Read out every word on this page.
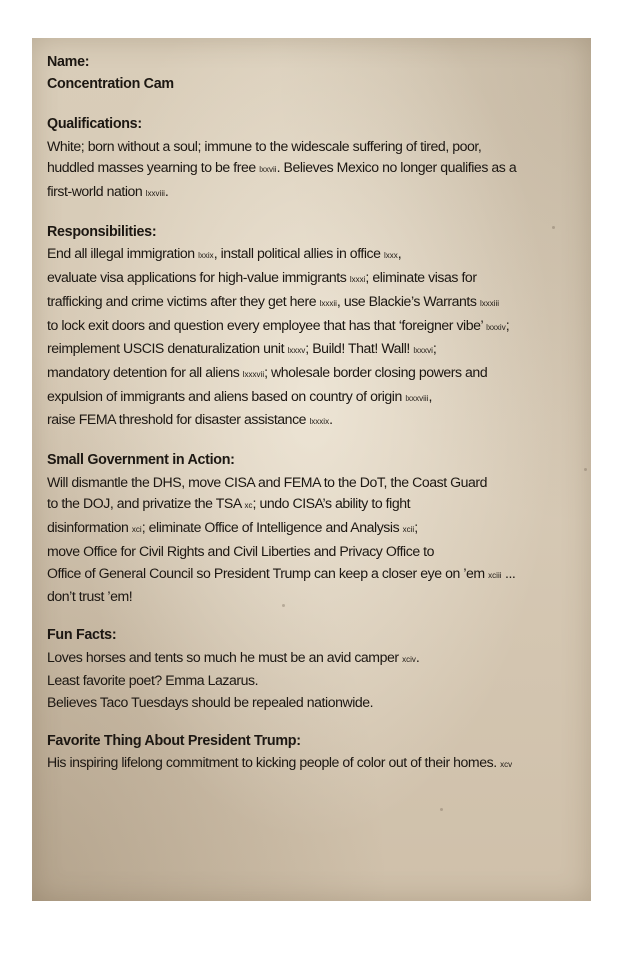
Name:
Concentration Cam
Qualifications:
White; born without a soul; immune to the widescale suffering of tired, poor,
huddled masses yearning to be free lxxvii. Believes Mexico no longer qualifies as a
first-world nation lxxviii.
Responsibilities:
End all illegal immigration lxxix, install political allies in office lxxx,
evaluate visa applications for high-value immigrants lxxxi; eliminate visas for
trafficking and crime victims after they get here lxxxii, use Blackie’s Warrants lxxxiii
to lock exit doors and question every employee that has that ‘foreigner vibe’ lxxxiv;
reimplement USCIS denaturalization unit lxxxv; Build! That! Wall! lxxxvi;
mandatory detention for all aliens lxxxvii; wholesale border closing powers and
expulsion of immigrants and aliens based on country of origin lxxxviii,
raise FEMA threshold for disaster assistance lxxxix.
Small Government in Action:
Will dismantle the DHS, move CISA and FEMA to the DoT, the Coast Guard
to the DOJ, and privatize the TSA xc; undo CISA’s ability to fight
disinformation xci; eliminate Office of Intelligence and Analysis xcii;
move Office for Civil Rights and Civil Liberties and Privacy Office to
Office of General Council so President Trump can keep a closer eye on ’em xciii ...
don’t trust ’em!
Fun Facts:
Loves horses and tents so much he must be an avid camper xciv.
Least favorite poet? Emma Lazarus.
Believes Taco Tuesdays should be repealed nationwide.
Favorite Thing About President Trump:
His inspiring lifelong commitment to kicking people of color out of their homes. xcv
